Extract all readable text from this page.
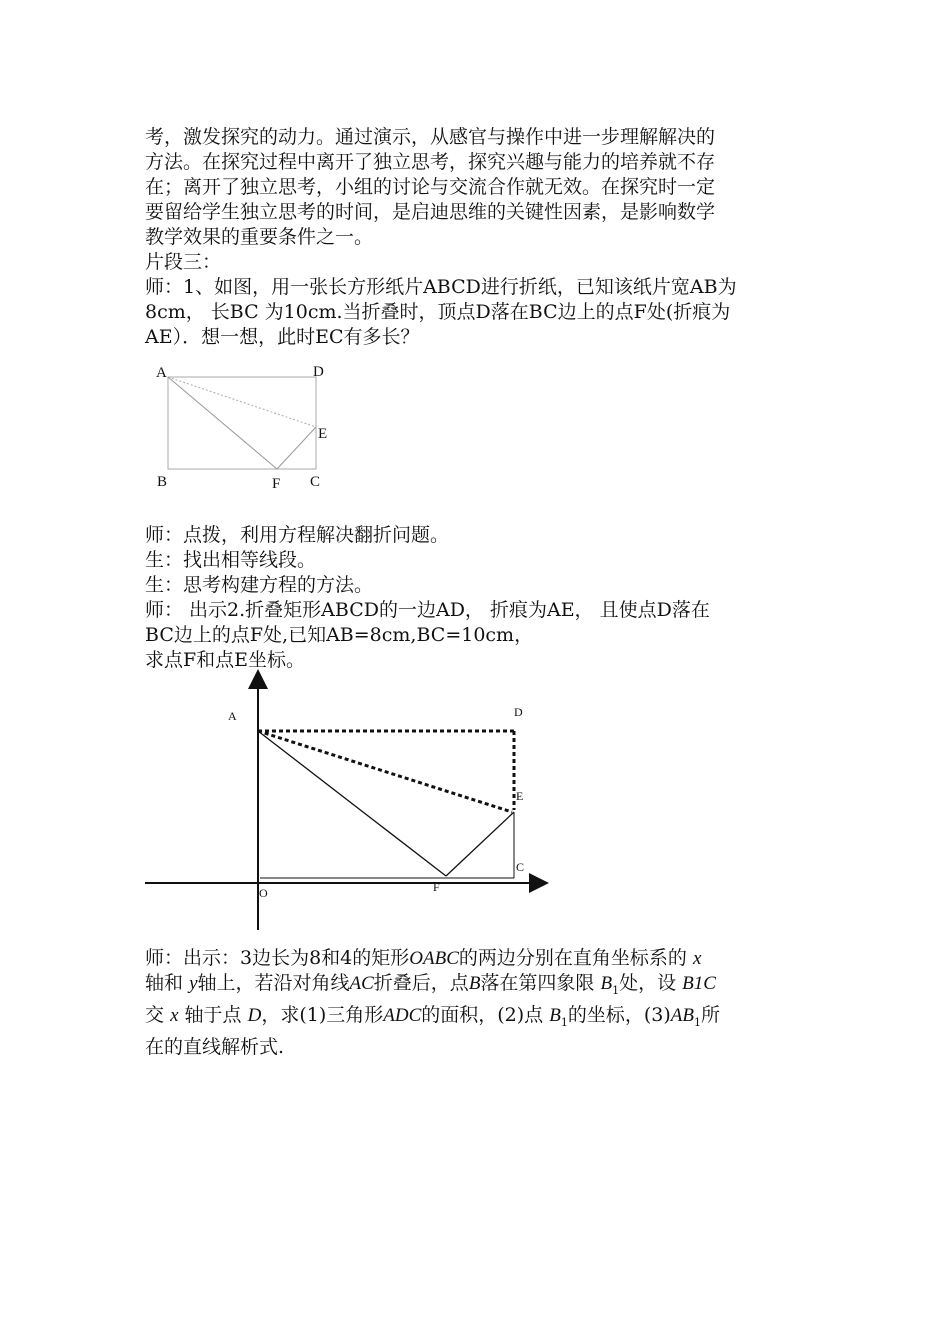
考，激发探究的动力。通过演示，从感官与操作中进一步理解解决的
方法。在探究过程中离开了独立思考，探究兴趣与能力的培养就不存
在；离开了独立思考，小组的讨论与交流合作就无效。在探究时一定
要留给学生独立思考的时间，是启迪思维的关键性因素，是影响数学
教学效果的重要条件之一。
片段三：
师：1、如图，用一张长方形纸片ABCD进行折纸，已知该纸片宽AB为
8cm， 长BC 为10cm.当折叠时，顶点D落在BC边上的点F处(折痕为
AE）．想一想，此时EC有多长？
A	D
E
B	F C
师：点拨，利用方程解决翻折问题。
生：找出相等线段。
生：思考构建方程的方法。
师： 出示2.折叠矩形ABCD的一边AD， 折痕为AE， 且使点D落在
BC边上的点F处,已知AB=8cm,BC=10cm，
求点F和点E坐标。
A	D
E
C
O	F
师：出示：3边长为8和4的矩形OABC的两边分别在直角坐标系的 x
轴和 y轴上，若沿对角线AC折叠后，点B落在第四象限 $B_1$处，设 B1C
交 x 轴于点 D，求(1)三角形ADC的面积，(2)点 $B_1$的坐标，$(3)AB_1$所
在的直线解析式.
